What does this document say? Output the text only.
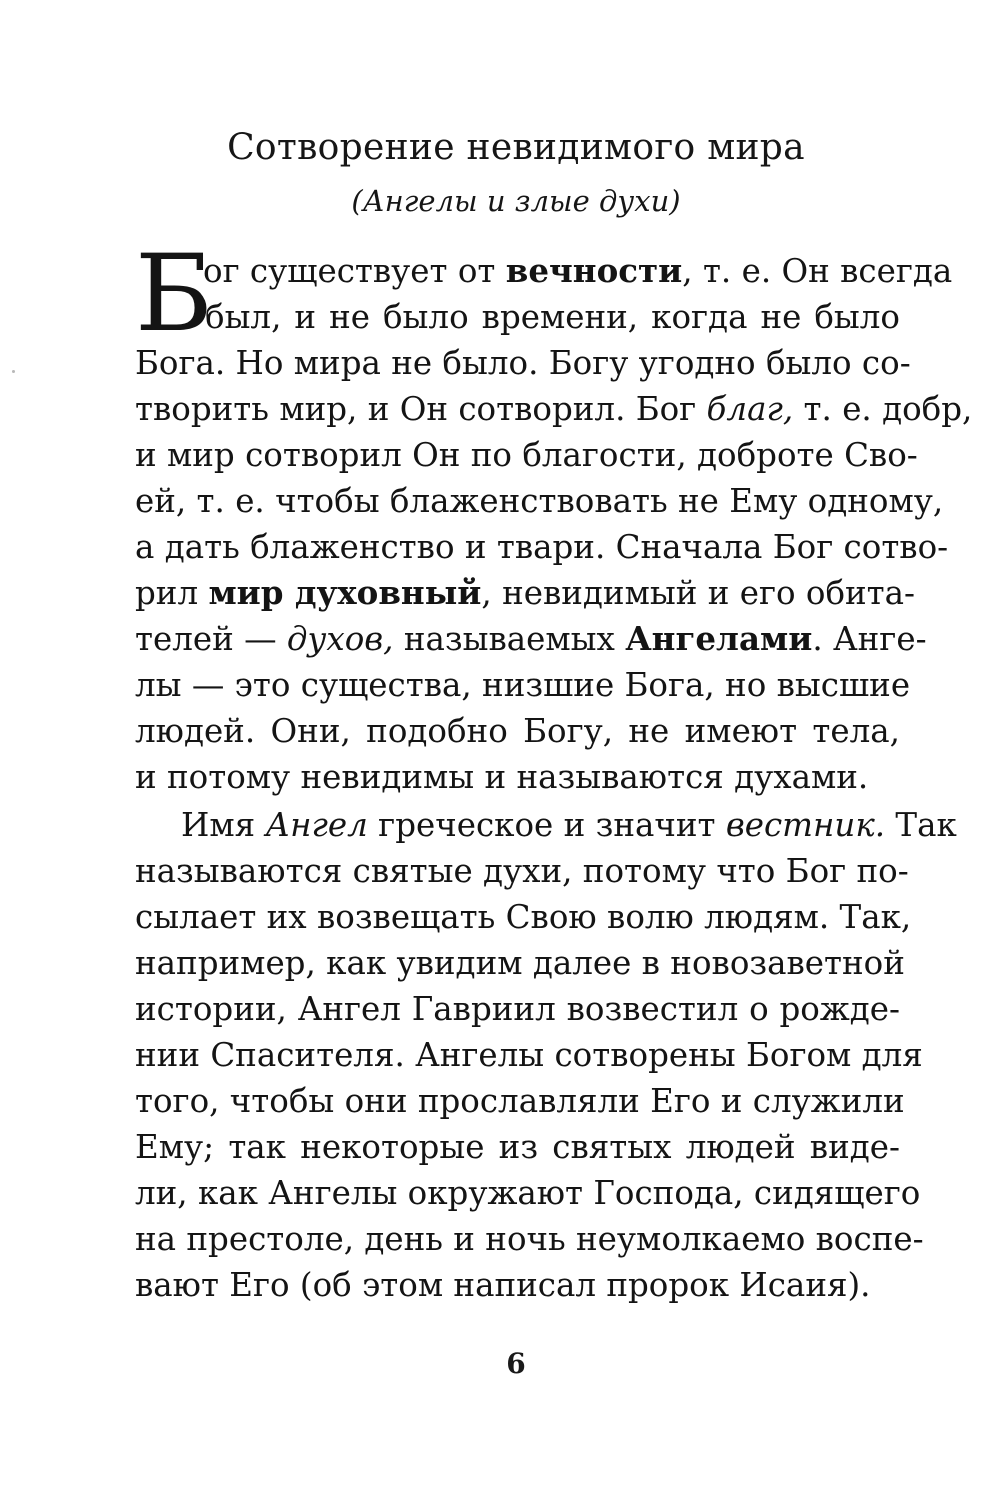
Сотворение невидимого мира
(Ангелы и злые духи)
Б
ог существует от вечности, т. е. Он всегда
был, и не было времени, когда не было
Бога. Но мира не было. Богу угодно было со-
творить мир, и Он сотворил. Бог благ, т. е. добр,
и мир сотворил Он по благости, доброте Сво-
ей, т. е. чтобы блаженствовать не Ему одному,
а дать блаженство и твари. Сначала Бог сотво-
рил мир духовный, невидимый и его обита-
телей — духов, называемых Ангелами. Анге-
лы — это существа, низшие Бога, но высшие
людей. Они, подобно Богу, не имеют тела,
и потому невидимы и называются духами.
Имя Ангел греческое и значит вестник. Так
называются святые духи, потому что Бог по-
сылает их возвещать Свою волю людям. Так,
например, как увидим далее в новозаветной
истории, Ангел Гавриил возвестил о рожде-
нии Спасителя. Ангелы сотворены Богом для
того, чтобы они прославляли Его и служили
Ему; так некоторые из святых людей виде-
ли, как Ангелы окружают Господа, сидящего
на престоле, день и ночь неумолкаемо воспе-
вают Его (об этом написал пророк Исаия).
6
